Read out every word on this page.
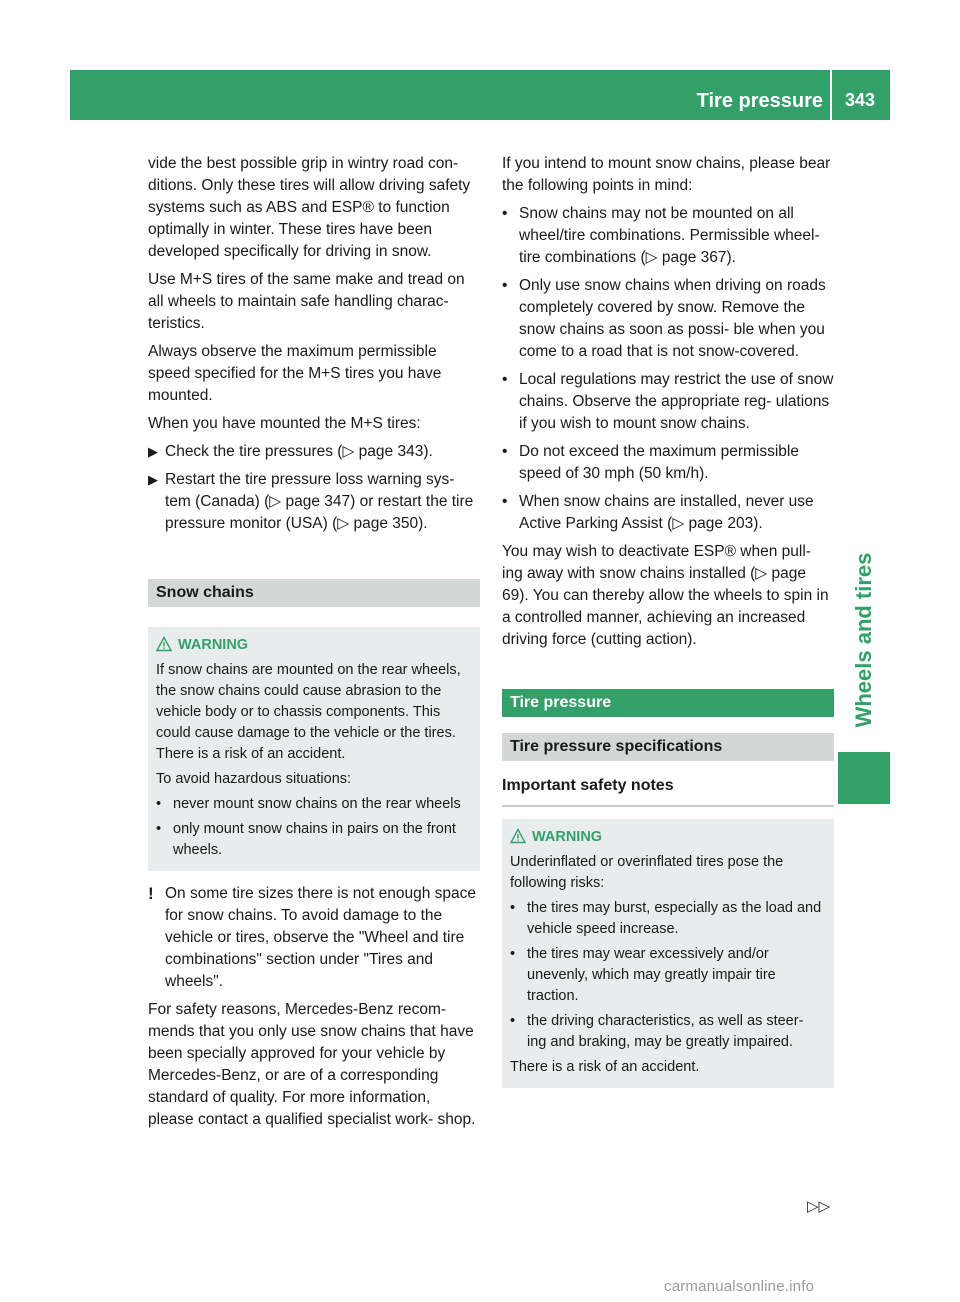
Tire pressure 343
Wheels and tires

vide the best possible grip in wintry road con- ditions. Only these tires will allow driving safety systems such as ABS and ESP® to function optimally in winter. These tires have been developed specifically for driving in snow.

Use M+S tires of the same make and tread on all wheels to maintain safe handling charac- teristics.

Always observe the maximum permissible speed specified for the M+S tires you have mounted.

When you have mounted the M+S tires:

▶ Check the tire pressures (▷ page 343).
▶ Restart the tire pressure loss warning sys- tem (Canada) (▷ page 347) or restart the tire pressure monitor (USA) (▷ page 350).
Snow chains
WARNING

If snow chains are mounted on the rear wheels, the snow chains could cause abrasion to the vehicle body or to chassis components. This could cause damage to the vehicle or the tires. There is a risk of an accident.

To avoid hazardous situations:

• never mount snow chains on the rear wheels
• only mount snow chains in pairs on the front wheels.
! On some tire sizes there is not enough space for snow chains. To avoid damage to the vehicle or tires, observe the "Wheel and tire combinations" section under "Tires and wheels".

For safety reasons, Mercedes-Benz recom- mends that you only use snow chains that have been specially approved for your vehicle by Mercedes-Benz, or are of a corresponding standard of quality. For more information, please contact a qualified specialist work- shop.

If you intend to mount snow chains, please bear the following points in mind:

• Snow chains may not be mounted on all wheel/tire combinations. Permissible wheel-tire combinations (▷ page 367).
• Only use snow chains when driving on roads completely covered by snow. Remove the snow chains as soon as possi- ble when you come to a road that is not snow-covered.
• Local regulations may restrict the use of snow chains. Observe the appropriate reg- ulations if you wish to mount snow chains.
• Do not exceed the maximum permissible speed of 30 mph (50 km/h).
• When snow chains are installed, never use Active Parking Assist (▷ page 203).

You may wish to deactivate ESP® when pull- ing away with snow chains installed (▷ page 69). You can thereby allow the wheels to spin in a controlled manner, achieving an increased driving force (cutting action).

Tire pressure
Tire pressure specifications
Important safety notes
WARNING

Underinflated or overinflated tires pose the following risks:

• the tires may burst, especially as the load and vehicle speed increase.
• the tires may wear excessively and/or unevenly, which may greatly impair tire traction.
• the driving characteristics, as well as steer- ing and braking, may be greatly impaired.

There is a risk of an accident.

▷▷
carmanualsonline.info
